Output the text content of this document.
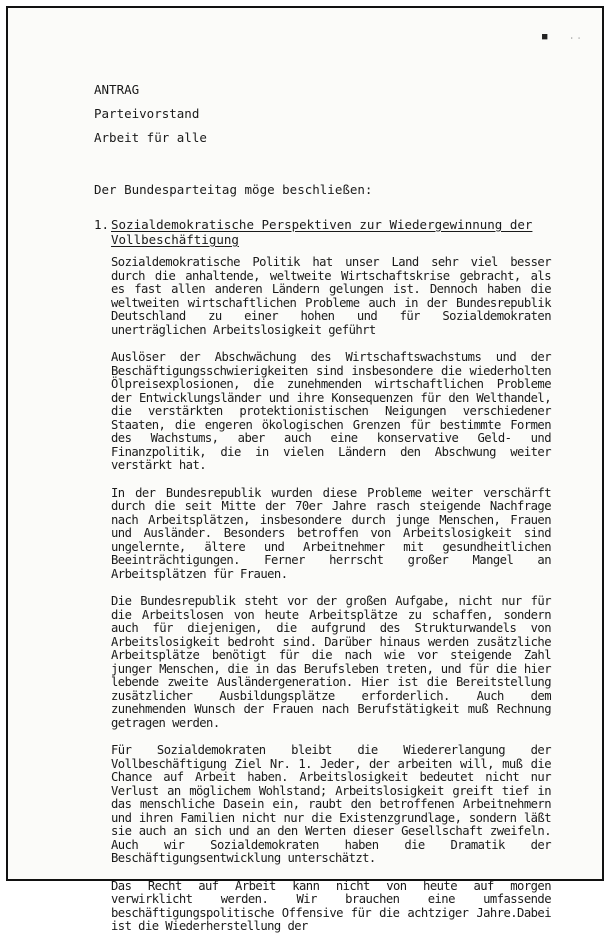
■	· ·
ANTRAG
Parteivorstand
Arbeit für alle
Der Bundesparteitag möge beschließen:
1. Sozialdemokratische Perspektiven zur Wiedergewinnung der Vollbeschäftigung

Sozialdemokratische Politik hat unser Land sehr viel besser durch die anhaltende, weltweite Wirtschaftskrise gebracht, als es fast allen anderen Ländern gelungen ist. Dennoch haben die weltweiten wirtschaftlichen Probleme auch in der Bundesrepublik Deutschland zu einer hohen und für Sozialdemokraten unerträglichen Arbeitslosigkeit geführt

Auslöser der Abschwächung des Wirtschaftswachstums und der Beschäftigungsschwierigkeiten sind insbesondere die wiederholten Ölpreisexplosionen, die zunehmenden wirtschaftlichen Probleme der Entwicklungsländer und ihre Konsequenzen für den Welthandel, die verstärkten protektionistischen Neigungen verschiedener Staaten, die engeren ökologischen Grenzen für bestimmte Formen des Wachstums, aber auch eine konservative Geld- und Finanzpolitik, die in vielen Ländern den Abschwung weiter verstärkt hat.

In der Bundesrepublik wurden diese Probleme weiter verschärft durch die seit Mitte der 70er Jahre rasch steigende Nachfrage nach Arbeitsplätzen, insbesondere durch junge Menschen, Frauen und Ausländer. Besonders betroffen von Arbeitslosigkeit sind ungelernte, ältere und Arbeitnehmer mit gesundheitlichen Beeinträchtigungen. Ferner herrscht großer Mangel an Arbeitsplätzen für Frauen.

Die Bundesrepublik steht vor der großen Aufgabe, nicht nur für die Arbeitslosen von heute Arbeitsplätze zu schaffen, sondern auch für diejenigen, die aufgrund des Strukturwandels von Arbeitslosigkeit bedroht sind. Darüber hinaus werden zusätzliche Arbeitsplätze benötigt für die nach wie vor steigende Zahl junger Menschen, die in das Berufsleben treten, und für die hier lebende zweite Ausländergeneration. Hier ist die Bereitstellung zusätzlicher Ausbildungsplätze erforderlich. Auch dem zunehmenden Wunsch der Frauen nach Berufstätigkeit muß Rechnung getragen werden.

Für Sozialdemokraten bleibt die Wiedererlangung der Vollbeschäftigung Ziel Nr. 1. Jeder, der arbeiten will, muß die Chance auf Arbeit haben. Arbeitslosigkeit bedeutet nicht nur Verlust an möglichem Wohlstand; Arbeitslosigkeit greift tief in das menschliche Dasein ein, raubt den betroffenen Arbeitnehmern und ihren Familien nicht nur die Existenzgrundlage, sondern läßt sie auch an sich und an den Werten dieser Gesellschaft zweifeln. Auch wir Sozialdemokraten haben die Dramatik der Beschäftigungsentwicklung unterschätzt.

Das Recht auf Arbeit kann nicht von heute auf morgen verwirklicht werden. Wir brauchen eine umfassende beschäftigungspolitische Offensive für die achtziger Jahre.Dabei ist die Wiederherstellung der
